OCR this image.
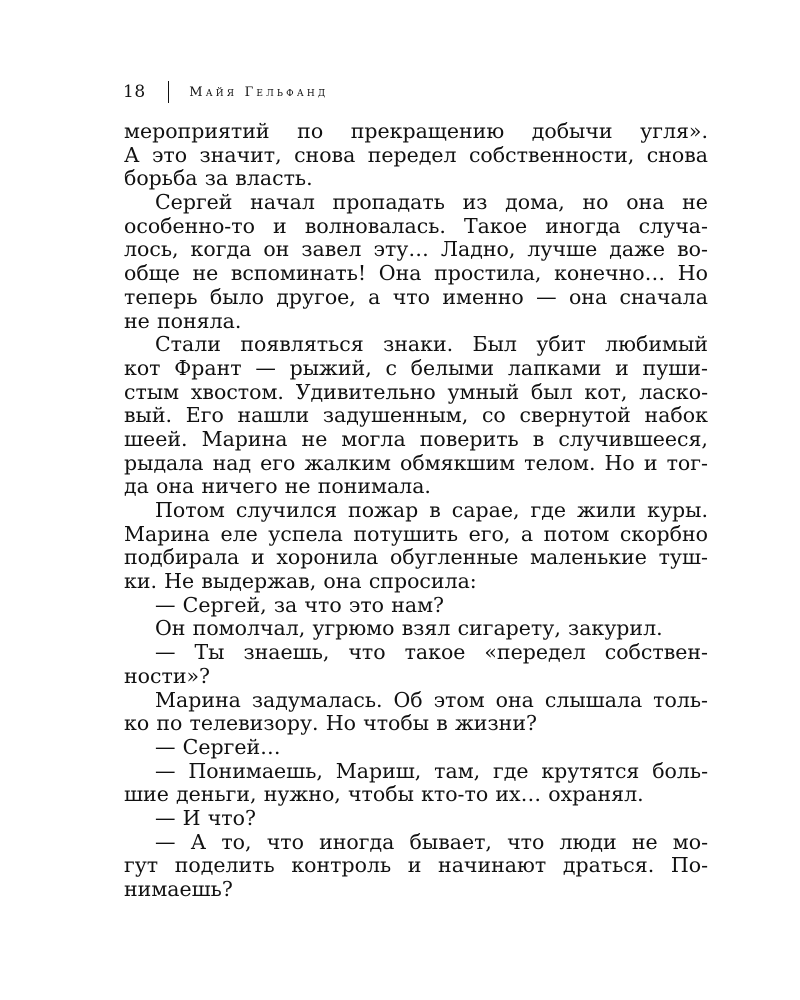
18	Майя Гельфанд
мероприятий по прекращению добычи угля».
А это значит, снова передел собственности, снова
борьба за власть.
Сергей начал пропадать из дома, но она не
особенно-то и волновалась. Такое иногда случа-
лось, когда он завел эту… Ладно, лучше даже во-
обще не вспоминать! Она простила, конечно… Но
теперь было другое, а что именно — она сначала
не поняла.
Стали появляться знаки. Был убит любимый
кот Франт — рыжий, с белыми лапками и пуши-
стым хвостом. Удивительно умный был кот, ласко-
вый. Его нашли задушенным, со свернутой набок
шеей. Марина не могла поверить в случившееся,
рыдала над его жалким обмякшим телом. Но и тог-
да она ничего не понимала.
Потом случился пожар в сарае, где жили куры.
Марина еле успела потушить его, а потом скорбно
подбирала и хоронила обугленные маленькие туш-
ки. Не выдержав, она спросила:
— Сергей, за что это нам?
Он помолчал, угрюмо взял сигарету, закурил.
— Ты знаешь, что такое «передел собствен-
ности»?
Марина задумалась. Об этом она слышала толь-
ко по телевизору. Но чтобы в жизни?
— Сергей…
— Понимаешь, Мариш, там, где крутятся боль-
шие деньги, нужно, чтобы кто-то их… охранял.
— И что?
— А то, что иногда бывает, что люди не мо-
гут поделить контроль и начинают драться. По-
нимаешь?
